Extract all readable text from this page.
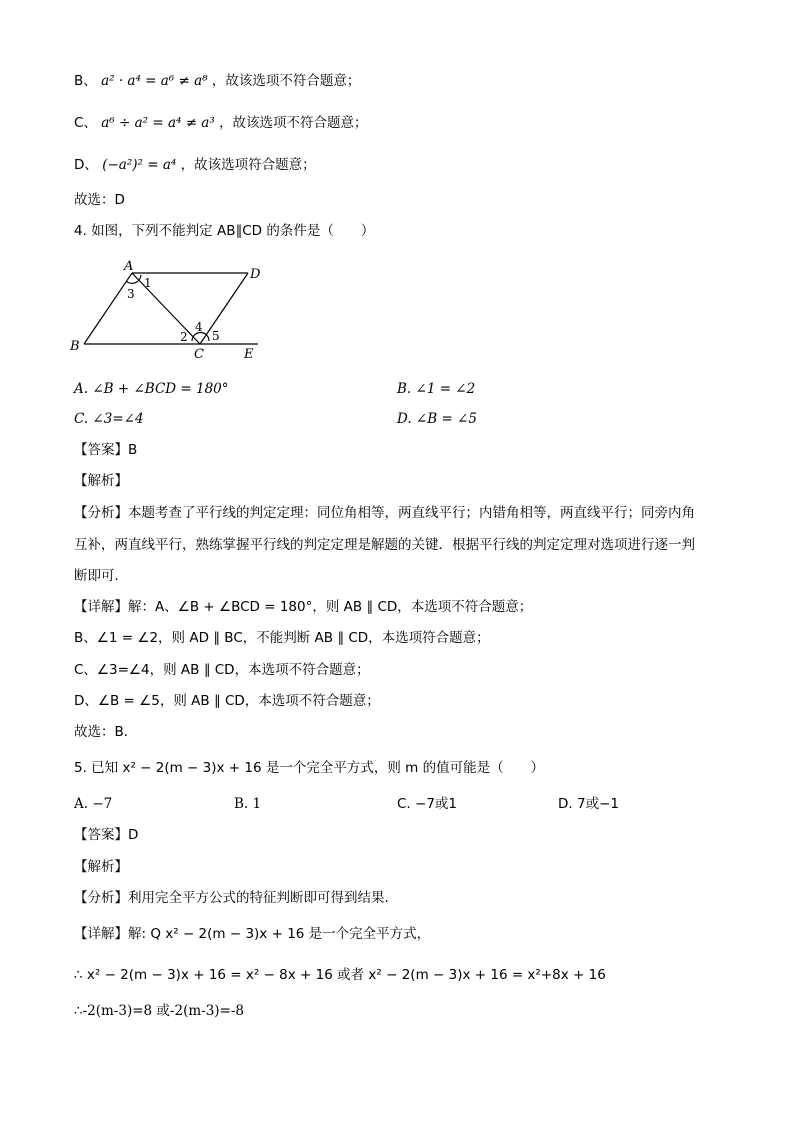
B、 a² · a⁴ = a⁶ ≠ a⁸ ，故该选项不符合题意；
C、 a⁶ ÷ a² = a⁴ ≠ a³ ，故该选项不符合题意；
D、 (−a²)² = a⁴ ，故该选项符合题意；
故选：D
4. 如图，下列不能判定 AB∥CD 的条件是（　　）
A
D
B
C	E
1
3
2
4
5
A. ∠B + ∠BCD = 180°	B. ∠1 = ∠2
C. ∠3=∠4	D. ∠B = ∠5
【答案】B
【解析】
【分析】本题考查了平行线的判定定理：同位角相等，两直线平行；内错角相等，两直线平行；同旁内角
互补，两直线平行，熟练掌握平行线的判定定理是解题的关键．根据平行线的判定定理对选项进行逐一判
断即可．
【详解】解：A、∠B + ∠BCD = 180°，则 AB ∥ CD，本选项不符合题意；
B、∠1 = ∠2，则 AD ∥ BC，不能判断 AB ∥ CD，本选项符合题意；
C、∠3=∠4，则 AB ∥ CD，本选项不符合题意；
D、∠B = ∠5，则 AB ∥ CD，本选项不符合题意；
故选：B．
5. 已知 x² − 2(m − 3)x + 16 是一个完全平方式，则 m 的值可能是（　　）
A. −7	B. 1	C. −7或1	D. 7或−1
【答案】D
【解析】
【分析】利用完全平方公式的特征判断即可得到结果.
【详解】解: Q x² − 2(m − 3)x + 16 是一个完全平方式，
∴ x² − 2(m − 3)x + 16 = x² − 8x + 16 或者 x² − 2(m − 3)x + 16 = x²+8x + 16
∴-2(m-3)=8 或-2(m-3)=-8
